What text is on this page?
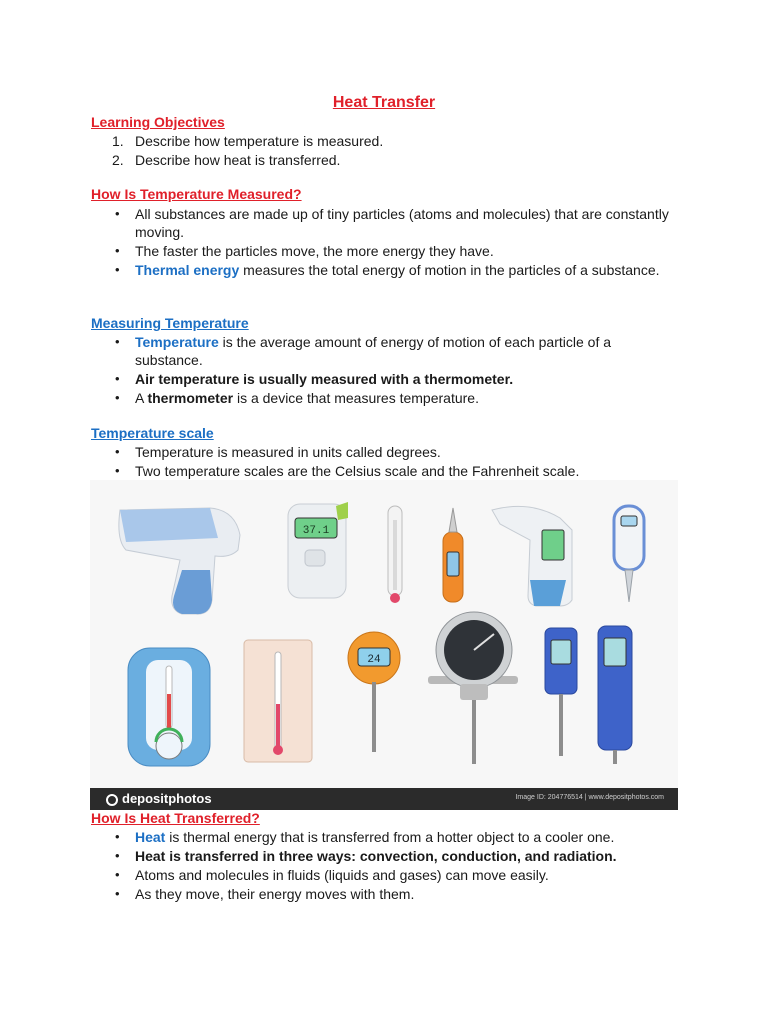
Heat Transfer
Learning Objectives
1. Describe how temperature is measured.
2. Describe how heat is transferred.
How Is Temperature Measured?
• All substances are made up of tiny particles (atoms and molecules) that are constantly moving.
• The faster the particles move, the more energy they have.
• Thermal energy measures the total energy of motion in the particles of a substance.
Measuring Temperature
• Temperature is the average amount of energy of motion of each particle of a substance.
• Air temperature is usually measured with a thermometer.
• A thermometer is a device that measures temperature.
Temperature scale
• Temperature is measured in units called degrees.
• Two temperature scales are the Celsius scale and the Fahrenheit scale.
37.1
24
depositphotos	Image ID: 204776514 | www.depositphotos.com
How Is Heat Transferred?
• Heat is thermal energy that is transferred from a hotter object to a cooler one.
• Heat is transferred in three ways: convection, conduction, and radiation.
• Atoms and molecules in fluids (liquids and gases) can move easily.
• As they move, their energy moves with them.
